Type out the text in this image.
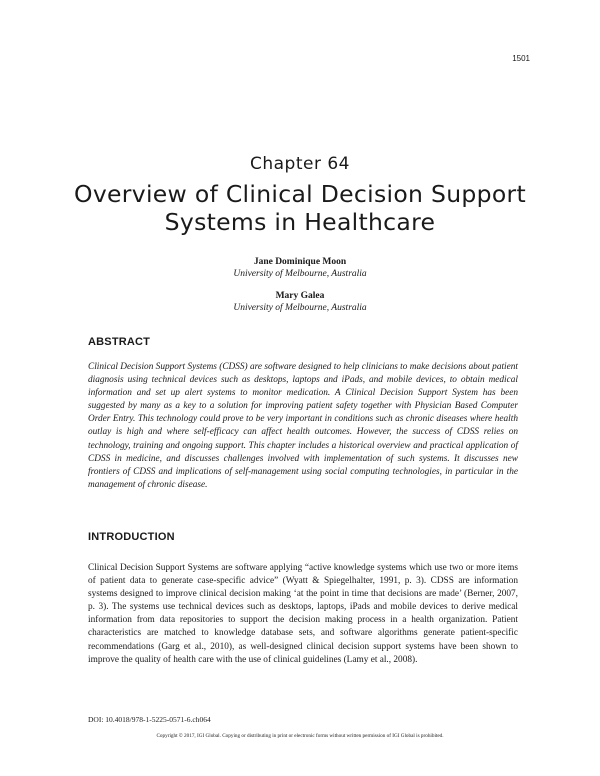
1501
Chapter 64
Overview of Clinical Decision Support Systems in Healthcare
Jane Dominique Moon
University of Melbourne, Australia
Mary Galea
University of Melbourne, Australia
ABSTRACT
Clinical Decision Support Systems (CDSS) are software designed to help clinicians to make decisions about patient diagnosis using technical devices such as desktops, laptops and iPads, and mobile devices, to obtain medical information and set up alert systems to monitor medication. A Clinical Decision Support System has been suggested by many as a key to a solution for improving patient safety together with Physician Based Computer Order Entry. This technology could prove to be very important in conditions such as chronic diseases where health outlay is high and where self-efficacy can affect health outcomes. However, the success of CDSS relies on technology, training and ongoing support. This chapter includes a historical overview and practical application of CDSS in medicine, and discusses challenges involved with implementation of such systems. It discusses new frontiers of CDSS and implications of self-management using social computing technologies, in particular in the management of chronic disease.
INTRODUCTION
Clinical Decision Support Systems are software applying “active knowledge systems which use two or more items of patient data to generate case-specific advice” (Wyatt & Spiegelhalter, 1991, p. 3). CDSS are information systems designed to improve clinical decision making ‘at the point in time that decisions are made’ (Berner, 2007, p. 3). The systems use technical devices such as desktops, laptops, iPads and mobile devices to derive medical information from data repositories to support the decision making process in a health organization. Patient characteristics are matched to knowledge database sets, and software algorithms generate patient-specific recommendations (Garg et al., 2010), as well-designed clinical decision support systems have been shown to improve the quality of health care with the use of clinical guidelines (Lamy et al., 2008).
DOI: 10.4018/978-1-5225-0571-6.ch064
Copyright © 2017, IGI Global. Copying or distributing in print or electronic forms without written permission of IGI Global is prohibited.
